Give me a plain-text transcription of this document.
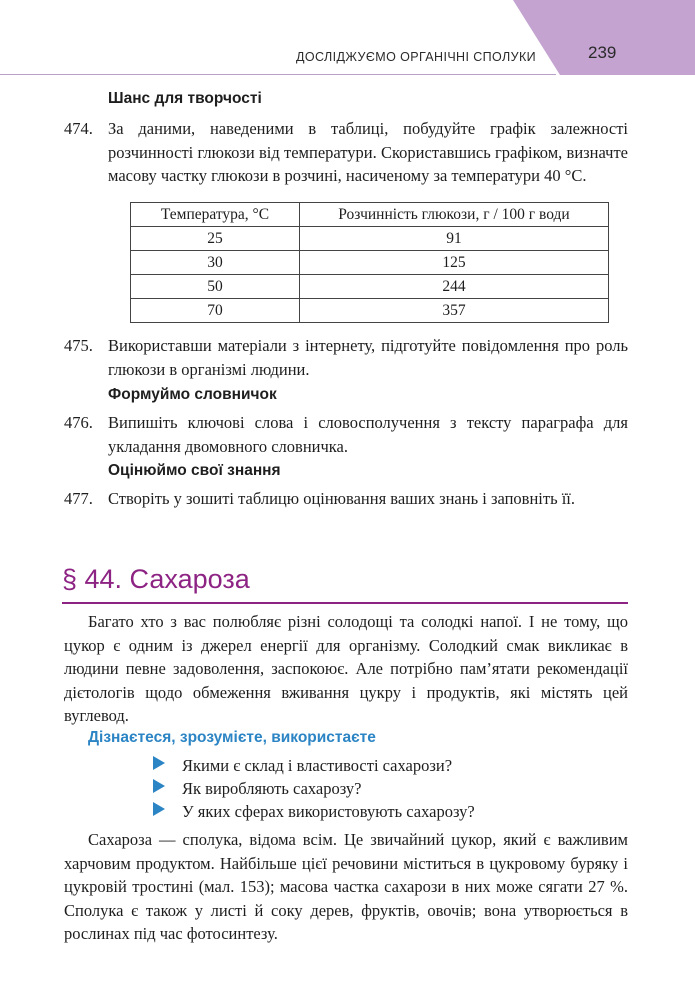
ДОСЛІДЖУЄМО ОРГАНІЧНІ СПОЛУКИ	239
Шанс для творчості
474. За даними, наведеними в таблиці, побудуйте графік залежності розчинності глюкози від температури. Скориставшись графіком, визначте масову частку глюкози в розчині, насиченому за температури 40 °С.
Температура, °С	Розчинність глюкози, г / 100 г води
25	91
30	125
50	244
70	357
475. Використавши матеріали з інтернету, підготуйте повідомлення про роль глюкози в організмі людини.
Формуймо словничок
476. Випишіть ключові слова і словосполучення з тексту параграфа для укладання двомовного словничка.
Оцінюймо свої знання
477. Створіть у зошиті таблицю оцінювання ваших знань і заповніть її.
§ 44. Сахароза
Багато хто з вас полюбляє різні солодощі та солодкі напої. І не тому, що цукор є одним із джерел енергії для організму. Солодкий смак викликає в людини певне задоволення, заспокоює. Але потрібно пам’ятати рекомендації дієтологів щодо обмеження вживання цукру і продуктів, які містять цей вуглевод.
Дізнаєтеся, зрозумієте, використаєте
Якими є склад і властивості сахарози?
Як виробляють сахарозу?
У яких сферах використовують сахарозу?
Сахароза — сполука, відома всім. Це звичайний цукор, який є важливим харчовим продуктом. Найбільше цієї речовини міститься в цукровому буряку і цукровій тростині (мал. 153); масова частка сахарози в них може сягати 27 %. Сполука є також у листі й соку дерев, фруктів, овочів; вона утворюється в рослинах під час фотосинтезу.
